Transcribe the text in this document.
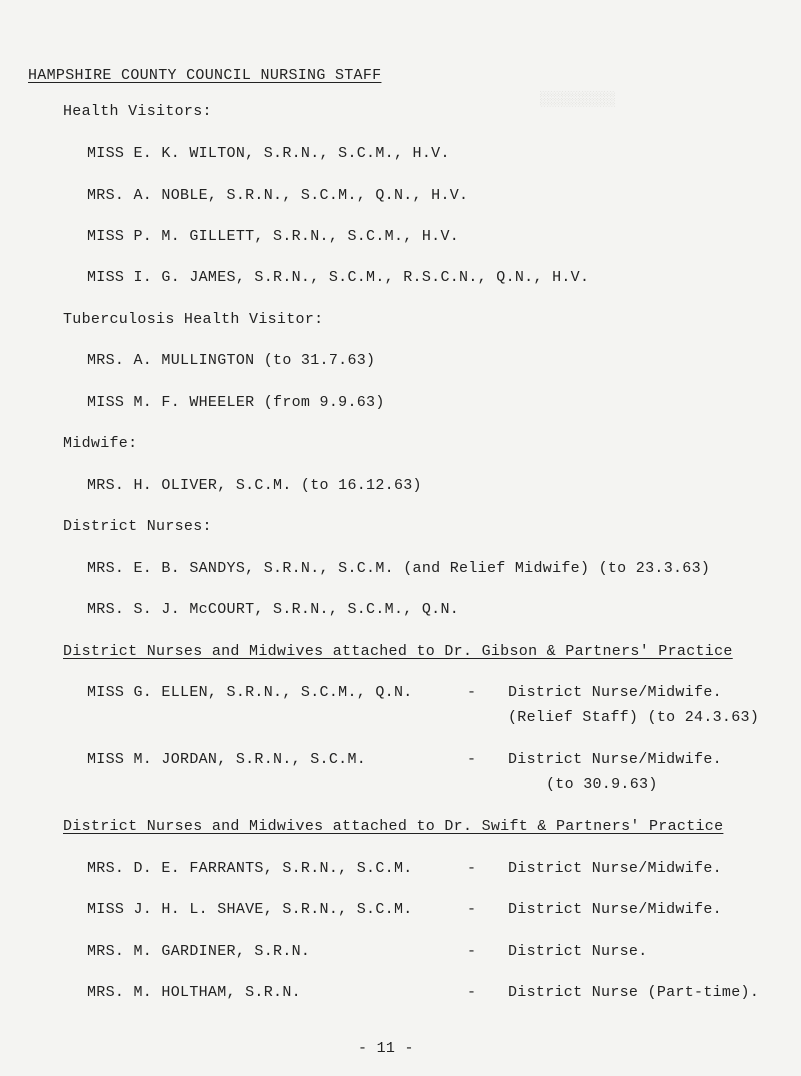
░░░░░░░░░
HAMPSHIRE COUNTY COUNCIL NURSING STAFF
Health Visitors:
MISS E. K. WILTON, S.R.N., S.C.M., H.V.
MRS. A. NOBLE, S.R.N., S.C.M., Q.N., H.V.
MISS P. M. GILLETT, S.R.N., S.C.M., H.V.
MISS I. G. JAMES, S.R.N., S.C.M., R.S.C.N., Q.N., H.V.
Tuberculosis Health Visitor:
MRS. A. MULLINGTON (to 31.7.63)
MISS M. F. WHEELER (from 9.9.63)
Midwife:
MRS. H. OLIVER, S.C.M. (to 16.12.63)
District Nurses:
MRS. E. B. SANDYS, S.R.N., S.C.M. (and Relief Midwife) (to 23.3.63)
MRS. S. J. McCOURT, S.R.N., S.C.M., Q.N.
District Nurses and Midwives attached to Dr. Gibson & Partners' Practice
MISS G. ELLEN, S.R.N., S.C.M., Q.N.	- District Nurse/Midwife.
(Relief Staff) (to 24.3.63)
MISS M. JORDAN, S.R.N., S.C.M.	- District Nurse/Midwife.
(to 30.9.63)
District Nurses and Midwives attached to Dr. Swift & Partners' Practice
MRS. D. E. FARRANTS, S.R.N., S.C.M.	- District Nurse/Midwife.
MISS J. H. L. SHAVE, S.R.N., S.C.M.	- District Nurse/Midwife.
MRS. M. GARDINER, S.R.N.	- District Nurse.
MRS. M. HOLTHAM, S.R.N.	- District Nurse (Part-time).
- 11 -
